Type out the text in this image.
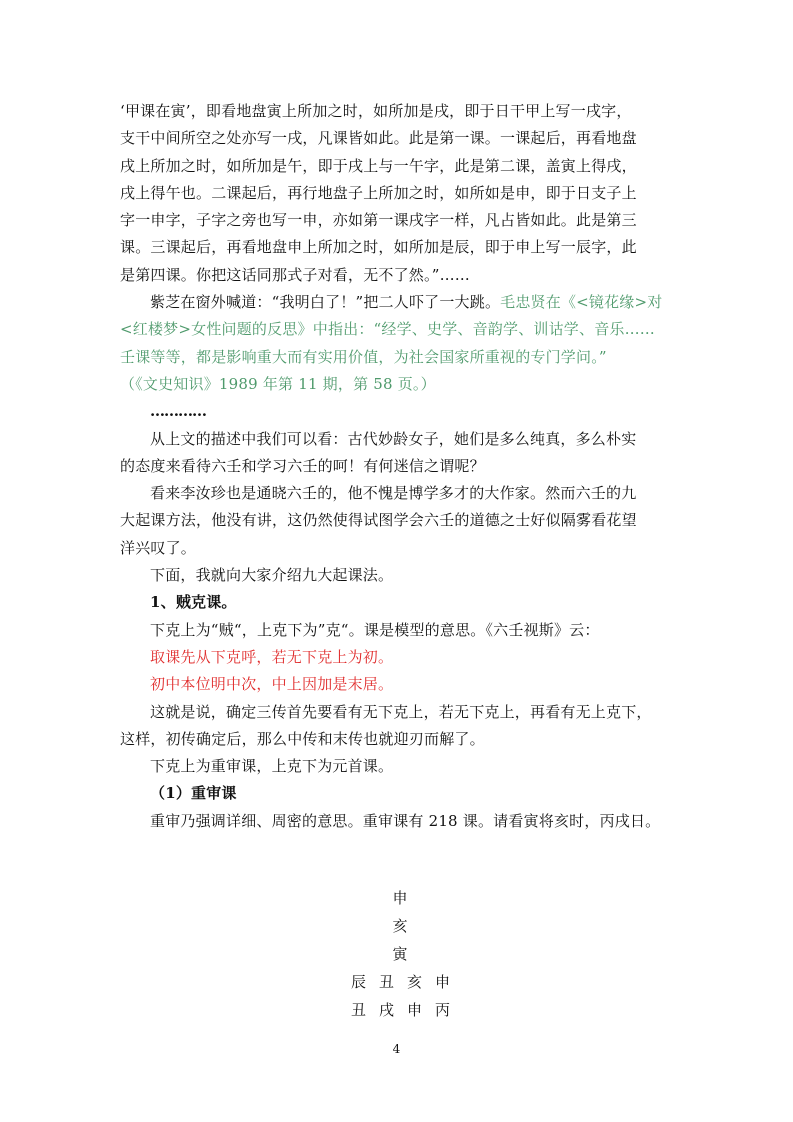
‘甲课在寅’，即看地盘寅上所加之时，如所加是戌，即于日干甲上写一戌字，

支干中间所空之处亦写一戌，凡课皆如此。此是第一课。一课起后，再看地盘

戌上所加之时，如所加是午，即于戌上与一午字，此是第二课，盖寅上得戌，

戌上得午也。二课起后，再行地盘子上所加之时，如所如是申，即于日支子上

字一申字，子字之旁也写一申，亦如第一课戌字一样，凡占皆如此。此是第三

课。三课起后，再看地盘申上所加之时，如所加是辰，即于申上写一辰字，此

是第四课。你把这话同那式子对看，无不了然。”……

紫芝在窗外喊道：“我明白了！”把二人吓了一大跳。毛忠贤在《<镜花缘>对

<红楼梦>女性问题的反思》中指出：“经学、史学、音韵学、训诂学、音乐……

壬课等等，都是影响重大而有实用价值，为社会国家所重视的专门学问。”

（《文史知识》1989 年第 11 期，第 58 页。）

…………

从上文的描述中我们可以看：古代妙龄女子，她们是多么纯真，多么朴实

的态度来看待六壬和学习六壬的呵！有何迷信之谓呢？

看来李汝珍也是通晓六壬的，他不愧是博学多才的大作家。然而六壬的九

大起课方法，他没有讲，这仍然使得试图学会六壬的道德之士好似隔雾看花望

洋兴叹了。

下面，我就向大家介绍九大起课法。

1、贼克课。

下克上为“贼“，上克下为”克“。课是模型的意思。《六壬视斯》云：

取课先从下克呼，若无下克上为初。

初中本位明中次，中上因加是末居。

这就是说，确定三传首先要看有无下克上，若无下克上，再看有无上克下，

这样，初传确定后，那么中传和末传也就迎刃而解了。

下克上为重审课，上克下为元首课。

（1）重审课

重审乃强调详细、周密的意思。重审课有 218 课。请看寅将亥时，丙戌日。

申

亥

寅

辰 丑 亥 申
丑 戌 申 丙
4
